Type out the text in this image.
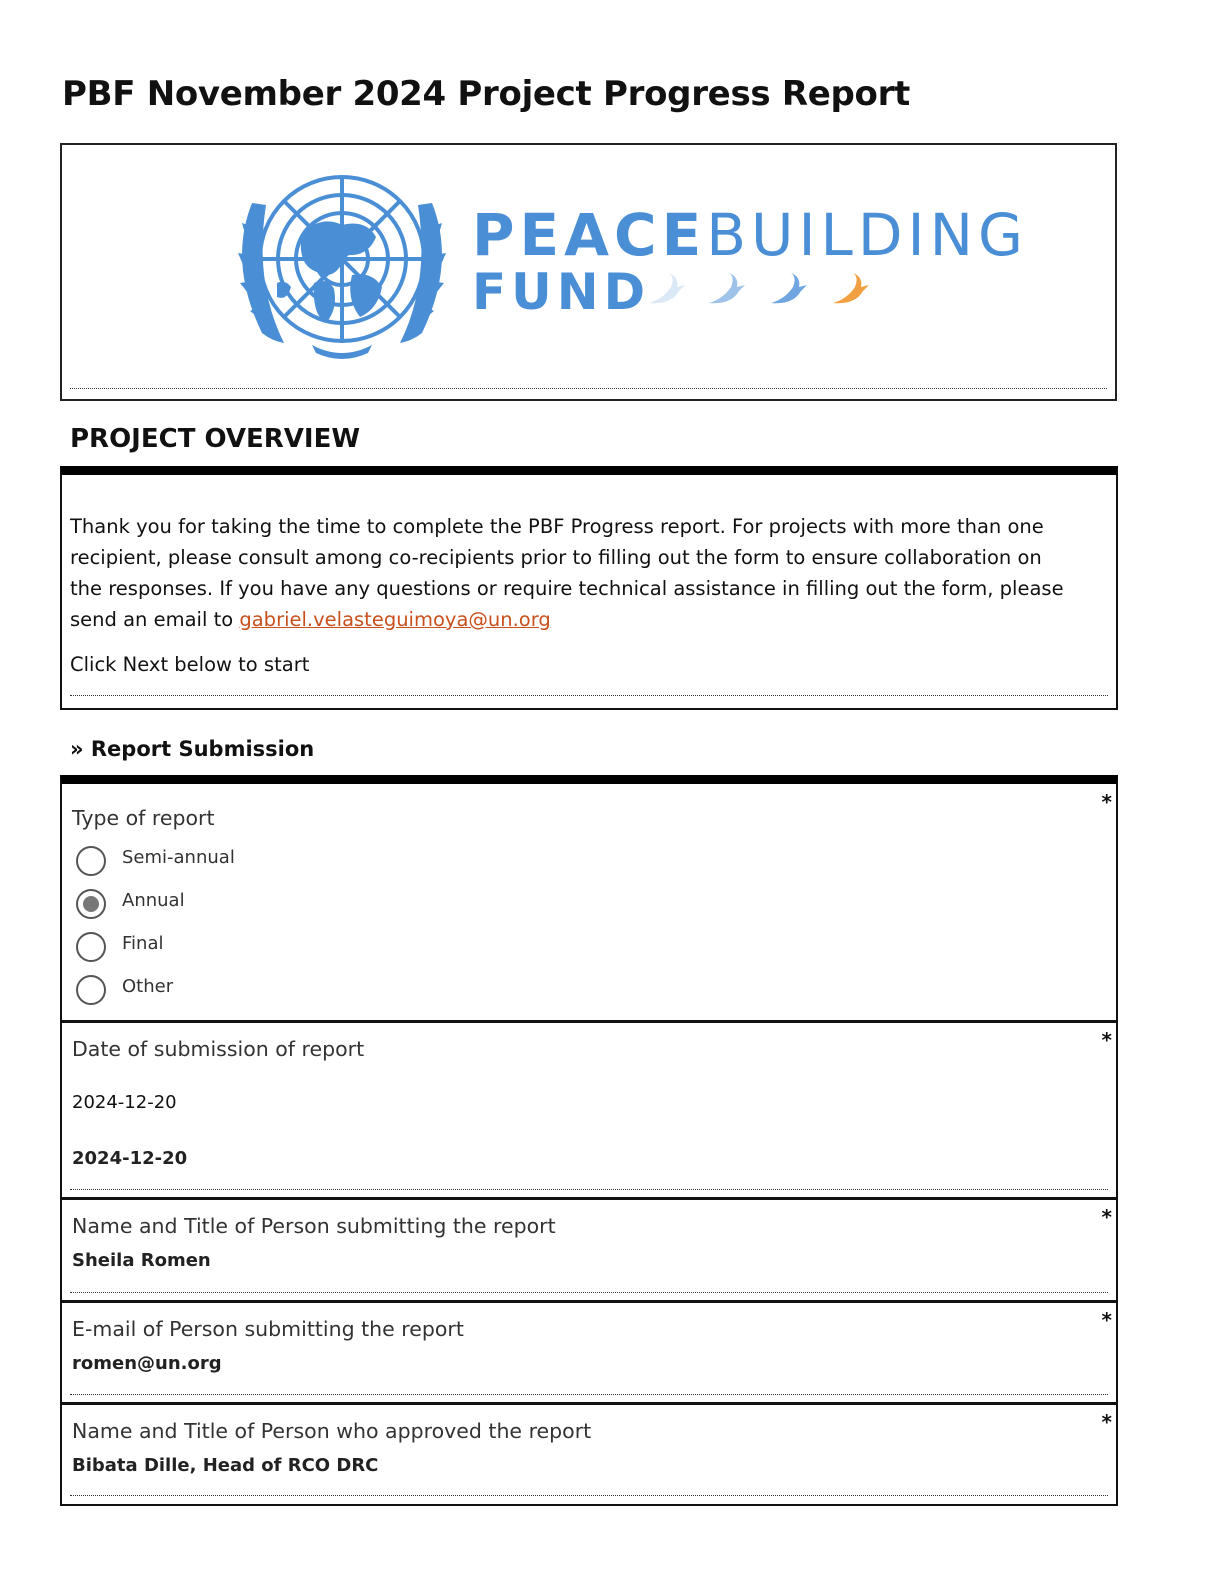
PBF November 2024 Project Progress Report
PEACEBUILDING
FUND
PROJECT OVERVIEW
Thank you for taking the time to complete the PBF Progress report. For projects with more than one
recipient, please consult among co-recipients prior to filling out the form to ensure collaboration on
the responses. If you have any questions or require technical assistance in filling out the form, please
send an email to gabriel.velasteguimoya@un.org
Click Next below to start
» Report Submission
Type of report
*
Semi-annual
Annual
Final
Other
Date of submission of report	*
2024-12-20
2024-12-20
Name and Title of Person submitting the report	*
Sheila Romen
E-mail of Person submitting the report	*
romen@un.org
Name and Title of Person who approved the report	*
Bibata Dille, Head of RCO DRC
